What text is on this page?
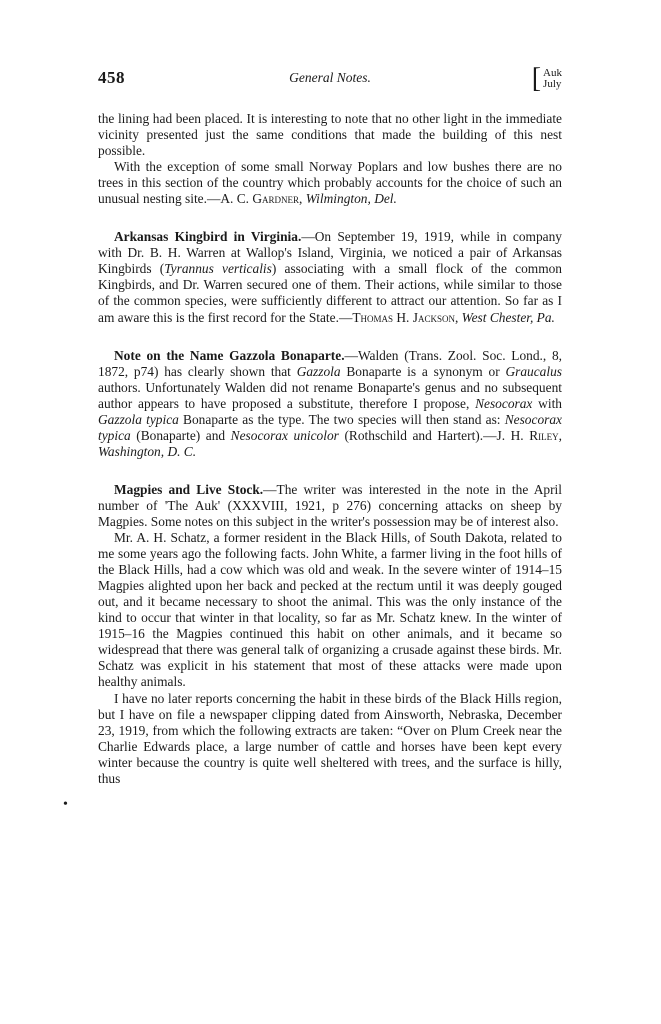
458	General Notes.	[ Auk
July
•

the lining had been placed. It is interesting to note that no other light in the immediate vicinity presented just the same conditions that made the building of this nest possible.

With the exception of some small Norway Poplars and low bushes there are no trees in this section of the country which probably accounts for the choice of such an unusual nesting site.—A. C. Gardner, Wilmington, Del.

Arkansas Kingbird in Virginia.—On September 19, 1919, while in company with Dr. B. H. Warren at Wallop's Island, Virginia, we noticed a pair of Arkansas Kingbirds (Tyrannus verticalis) associating with a small flock of the common Kingbirds, and Dr. Warren secured one of them. Their actions, while similar to those of the common species, were sufficiently different to attract our attention. So far as I am aware this is the first record for the State.—Thomas H. Jackson, West Chester, Pa.

Note on the Name Gazzola Bonaparte.—Walden (Trans. Zool. Soc. Lond., 8, 1872, p74) has clearly shown that Gazzola Bonaparte is a synonym or Graucalus authors. Unfortunately Walden did not rename Bonaparte's genus and no subsequent author appears to have proposed a substitute, therefore I propose, Nesocorax with Gazzola typica Bonaparte as the type. The two species will then stand as: Nesocorax typica (Bonaparte) and Nesocorax unicolor (Rothschild and Hartert).—J. H. Riley, Washington, D. C.

Magpies and Live Stock.—The writer was interested in the note in the April number of 'The Auk' (XXXVIII, 1921, p 276) concerning attacks on sheep by Magpies. Some notes on this subject in the writer's possession may be of interest also.

Mr. A. H. Schatz, a former resident in the Black Hills, of South Dakota, related to me some years ago the following facts. John White, a farmer living in the foot hills of the Black Hills, had a cow which was old and weak. In the severe winter of 1914–15 Magpies alighted upon her back and pecked at the rectum until it was deeply gouged out, and it became necessary to shoot the animal. This was the only instance of the kind to occur that winter in that locality, so far as Mr. Schatz knew. In the winter of 1915–16 the Magpies continued this habit on other animals, and it became so widespread that there was general talk of organizing a crusade against these birds. Mr. Schatz was explicit in his statement that most of these attacks were made upon healthy animals.

I have no later reports concerning the habit in these birds of the Black Hills region, but I have on file a newspaper clipping dated from Ainsworth, Nebraska, December 23, 1919, from which the following extracts are taken: “Over on Plum Creek near the Charlie Edwards place, a large number of cattle and horses have been kept every winter because the country is quite well sheltered with trees, and the surface is hilly, thus
